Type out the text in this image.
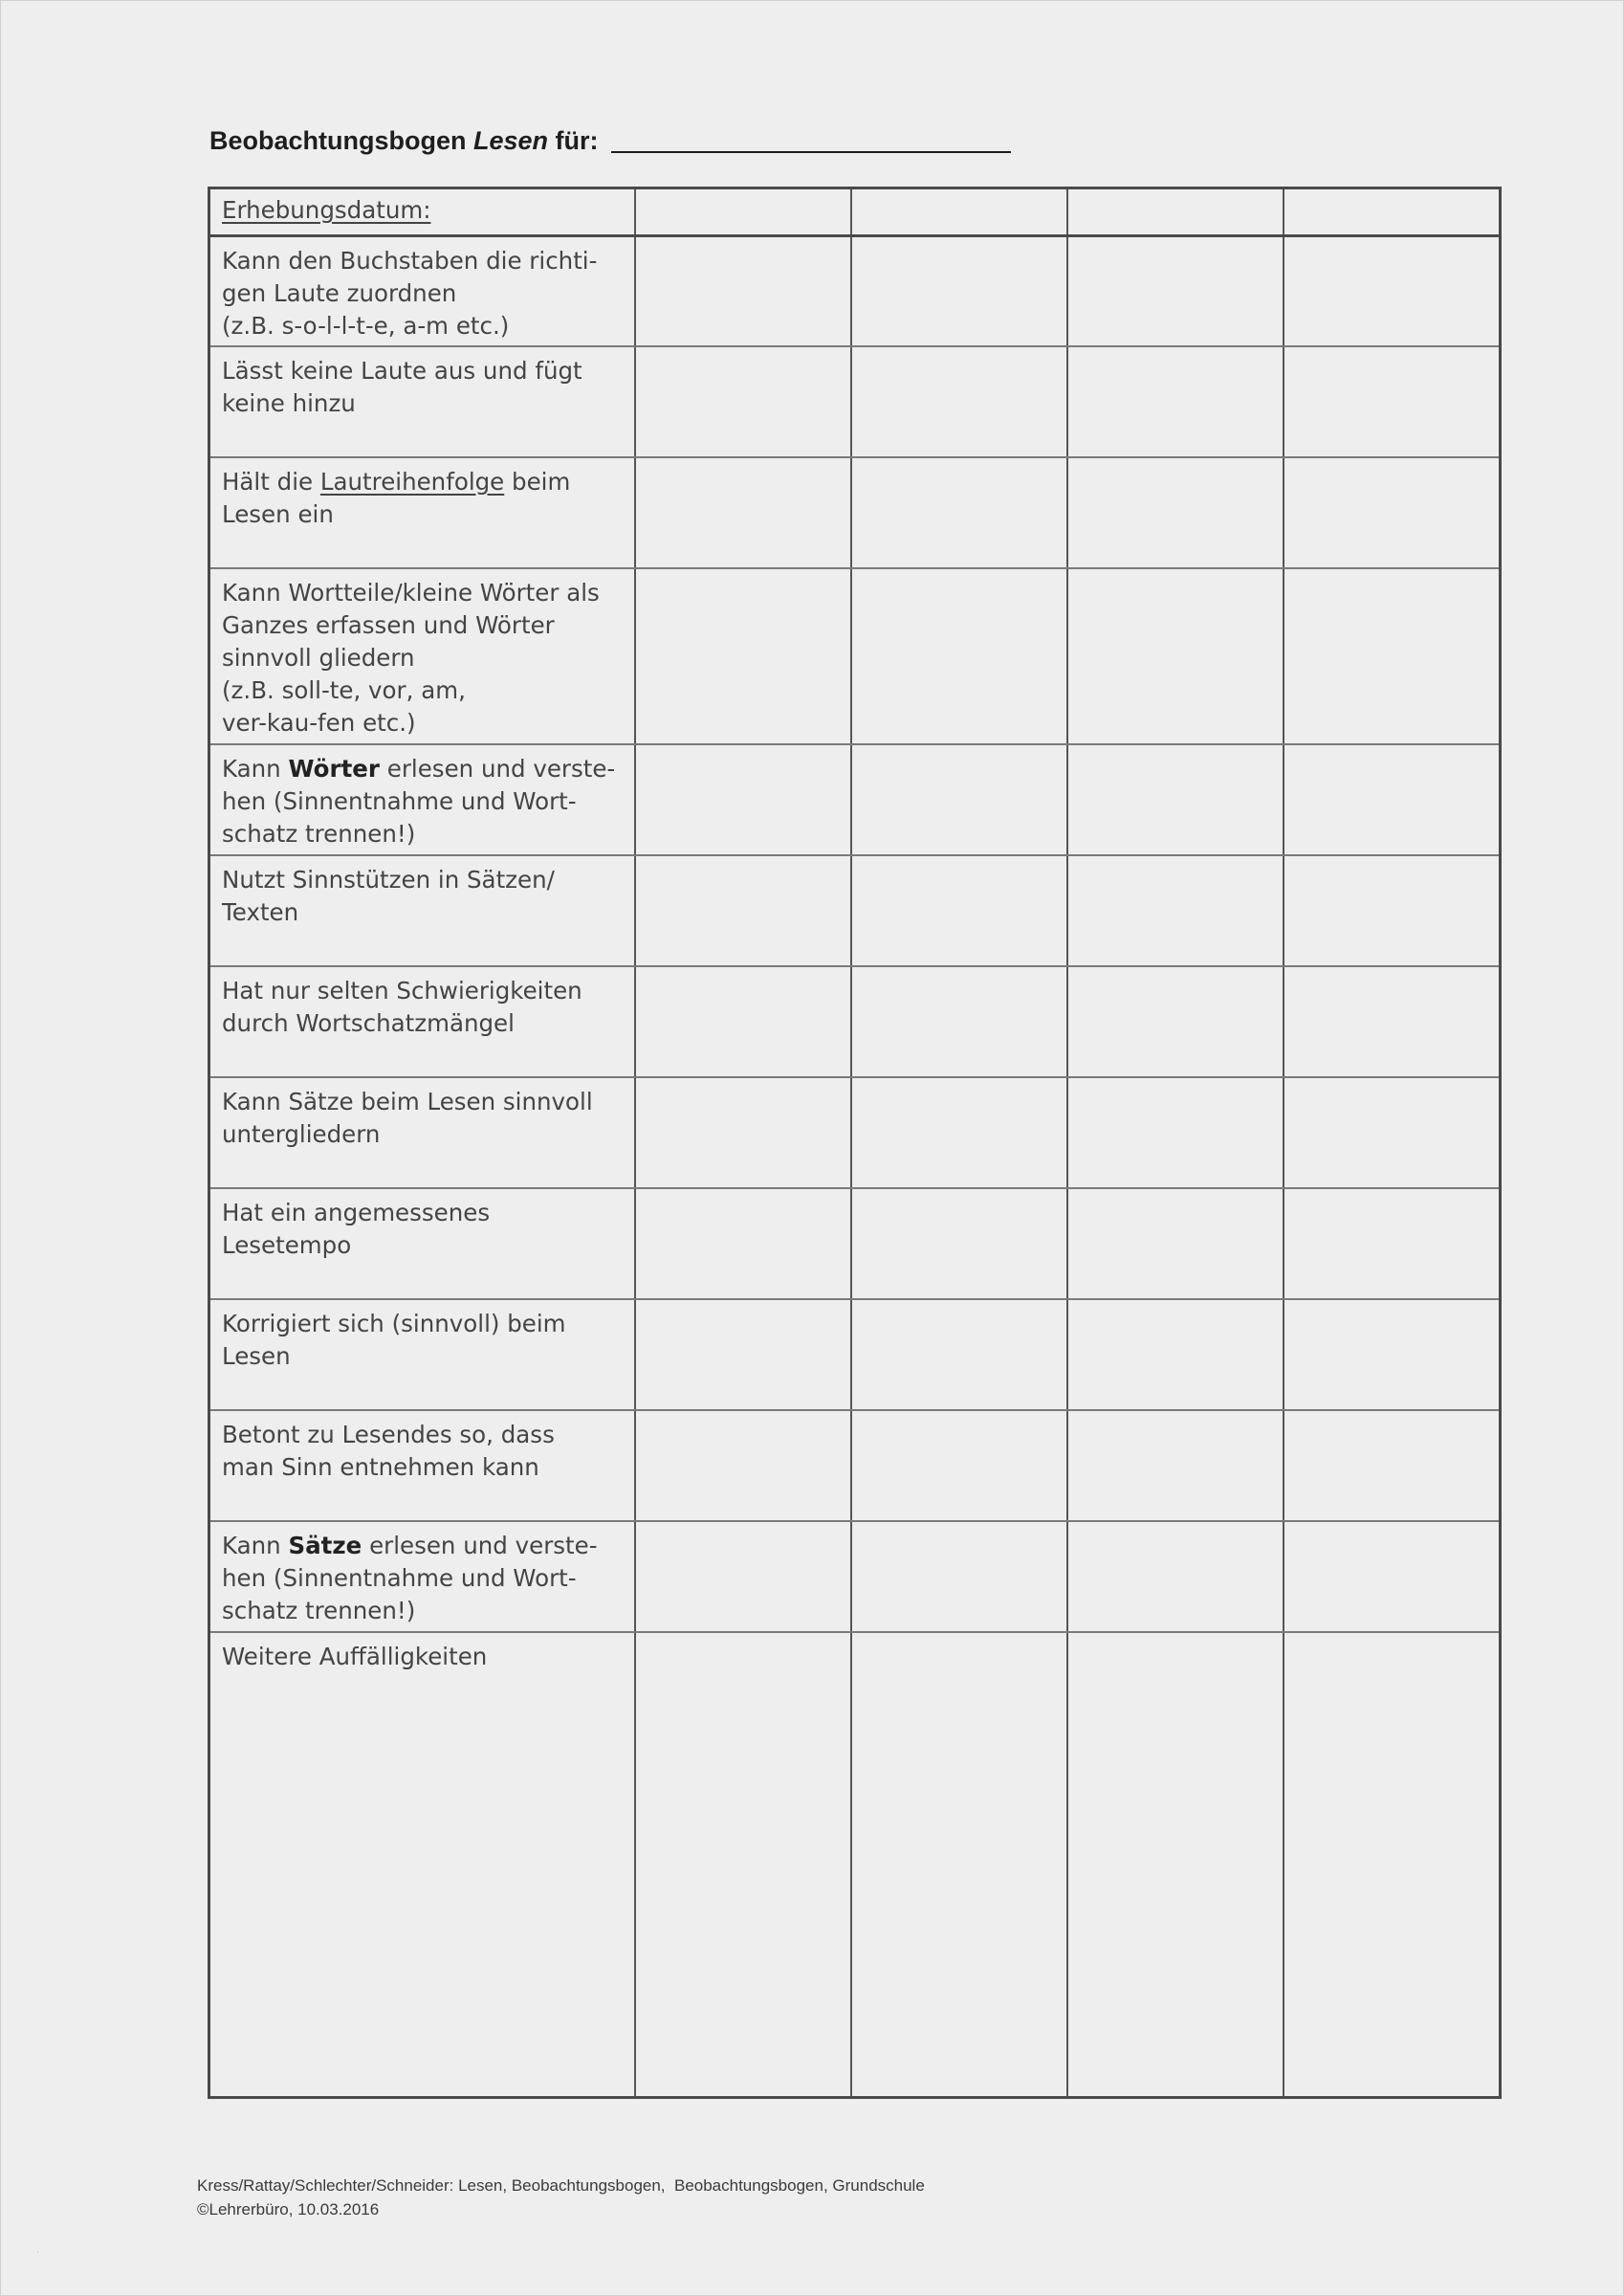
Beobachtungsbogen Lesen für:
Erhebungsdatum:				
Kann den Buchstaben die richti-
gen Laute zuordnen
(z.B. s-o-l-l-t-e, a-m etc.)				
Lässt keine Laute aus und fügt
keine hinzu				
Hält die Lautreihenfolge beim
Lesen ein				
Kann Wortteile/kleine Wörter als
Ganzes erfassen und Wörter
sinnvoll gliedern
(z.B. soll-te, vor, am,
ver-kau-fen etc.)				
Kann Wörter erlesen und verste-
hen (Sinnentnahme und Wort-
schatz trennen!)				
Nutzt Sinnstützen in Sätzen/
Texten				
Hat nur selten Schwierigkeiten
durch Wortschatzmängel				
Kann Sätze beim Lesen sinnvoll
untergliedern				
Hat ein angemessenes
Lesetempo				
Korrigiert sich (sinnvoll) beim
Lesen				
Betont zu Lesendes so, dass
man Sinn entnehmen kann				
Kann Sätze erlesen und verste-
hen (Sinnentnahme und Wort-
schatz trennen!)				
Weitere Auffälligkeiten				
Kress/Rattay/Schlechter/Schneider: Lesen, Beobachtungsbogen,  Beobachtungsbogen, Grundschule
©Lehrerbüro, 10.03.2016
·
